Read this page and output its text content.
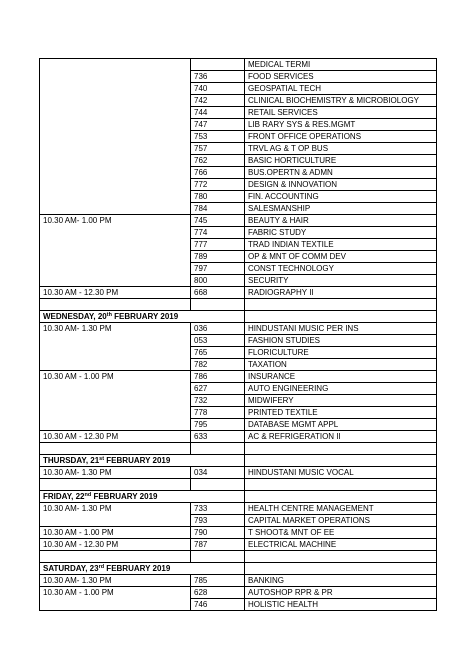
		MEDICAL TERMI
	736	FOOD SERVICES
	740	GEOSPATIAL TECH
	742	CLINICAL BIOCHEMISTRY & MICROBIOLOGY
	744	RETAIL SERVICES
	747	LIB RARY SYS & RES.MGMT
	753	FRONT OFFICE OPERATIONS
	757	TRVL AG & T OP BUS
	762	BASIC HORTICULTURE
	766	BUS.OPERTN & ADMN
	772	DESIGN & INNOVATION
	780	FIN. ACCOUNTING
	784	SALESMANSHIP
10.30 AM- 1.00 PM	745	BEAUTY & HAIR
	774	FABRIC STUDY
	777	TRAD INDIAN TEXTILE
	789	OP & MNT OF COMM DEV
	797	CONST TECHNOLOGY
	800	SECURITY
10.30 AM - 12.30 PM	668	RADIOGRAPHY II

WEDNESDAY, 20th FEBRUARY 2019		
10.30 AM- 1.30 PM	036	HINDUSTANI MUSIC PER INS
	053	FASHION STUDIES
	765	FLORICULTURE
	782	TAXATION
10.30 AM - 1.00 PM	786	INSURANCE
	627	AUTO ENGINEERING
	732	MIDWIFERY
	778	PRINTED TEXTILE
	795	DATABASE MGMT APPL
10.30 AM - 12.30 PM	633	AC & REFRIGERATION II

THURSDAY, 21st FEBRUARY 2019		
10.30 AM- 1.30 PM	034	HINDUSTANI MUSIC VOCAL

FRIDAY, 22nd FEBRUARY 2019		
10.30 AM- 1.30 PM	733	HEALTH CENTRE MANAGEMENT
	793	CAPITAL MARKET OPERATIONS
10.30 AM - 1.00 PM	790	T SHOOT& MNT OF EE
10.30 AM - 12.30 PM	787	ELECTRICAL MACHINE

SATURDAY, 23rd FEBRUARY 2019		
10.30 AM- 1.30 PM	785	BANKING
10.30 AM - 1.00 PM	628	AUTOSHOP RPR & PR
	746	HOLISTIC HEALTH
